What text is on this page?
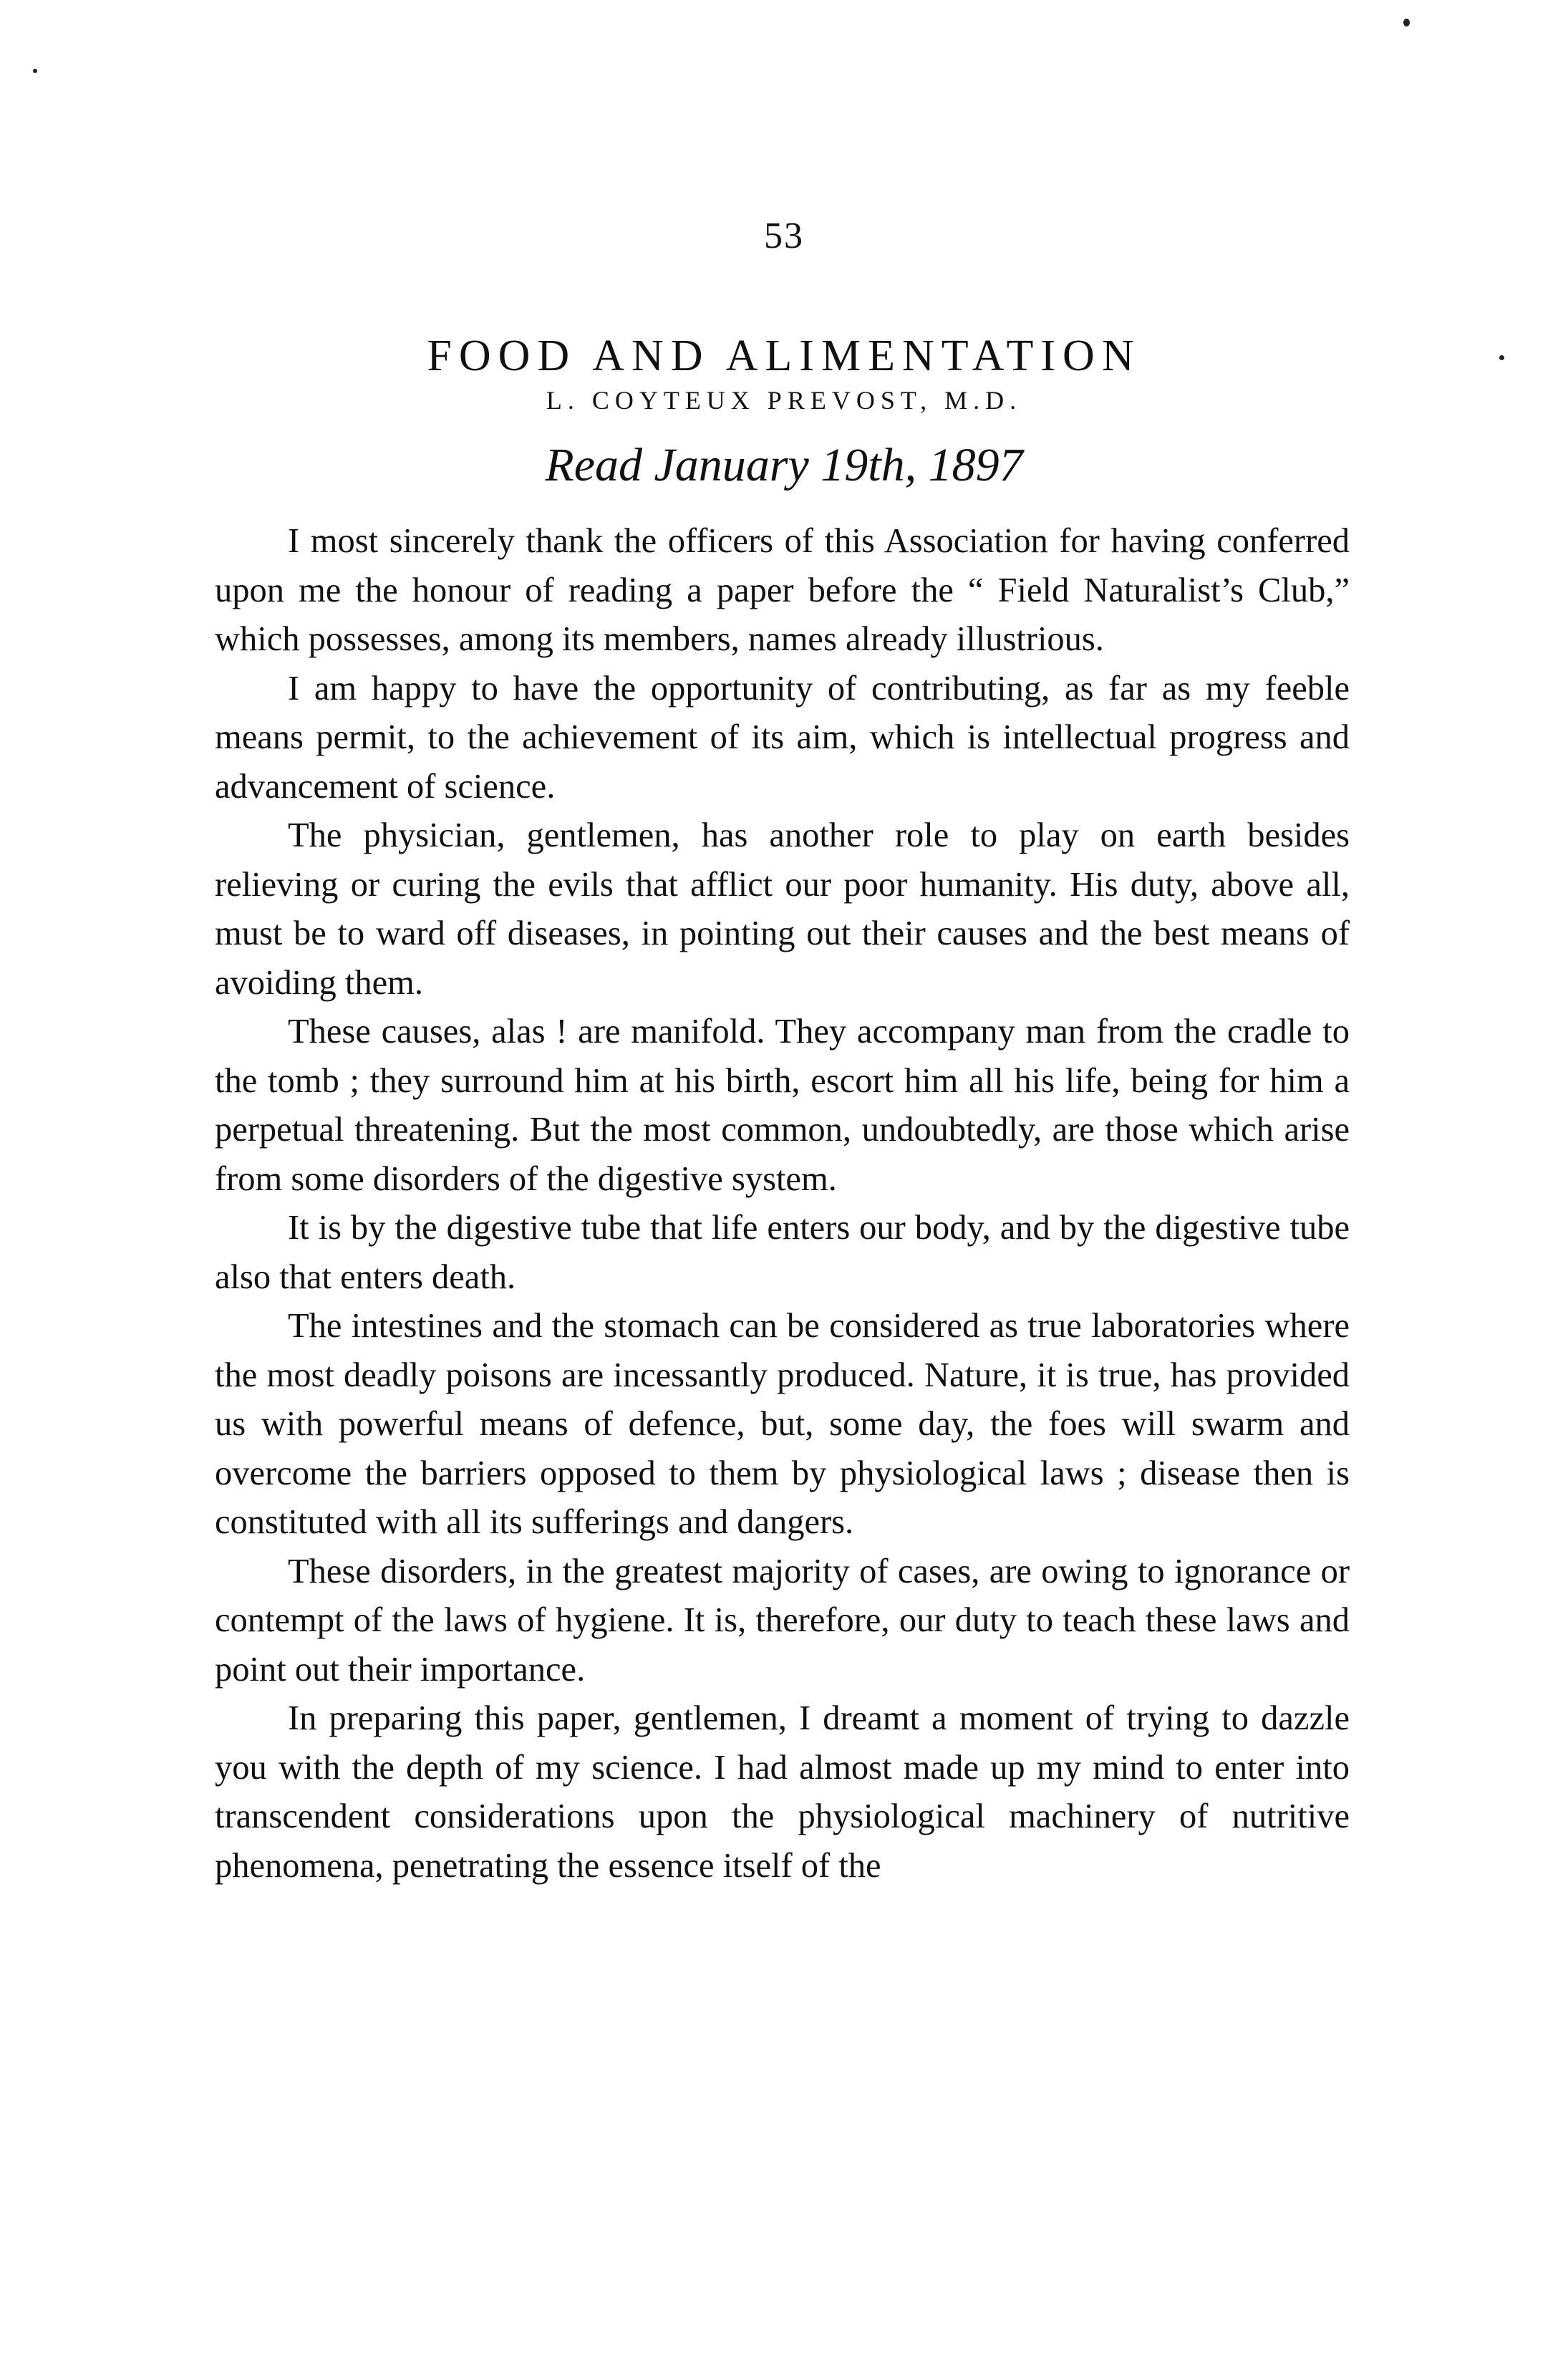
53
FOOD AND ALIMENTATION
L. COYTEUX PREVOST, M.D.
Read January 19th, 1897

I most sincerely thank the officers of this Association for having conferred upon me the honour of reading a paper before the “ Field Naturalist’s Club,” which possesses, among its members, names already illustrious.

I am happy to have the opportunity of contributing, as far as my feeble means permit, to the achievement of its aim, which is intellectual progress and advancement of science.

The physician, gentlemen, has another role to play on earth besides relieving or curing the evils that afflict our poor humanity. His duty, above all, must be to ward off diseases, in pointing out their causes and the best means of avoiding them.

These causes, alas ! are manifold. They accompany man from the cradle to the tomb ; they surround him at his birth, escort him all his life, being for him a perpetual threatening. But the most common, undoubtedly, are those which arise from some disorders of the digestive system.

It is by the digestive tube that life enters our body, and by the digestive tube also that enters death.

The intestines and the stomach can be considered as true laboratories where the most deadly poisons are incessantly produced. Nature, it is true, has provided us with powerful means of defence, but, some day, the foes will swarm and overcome the barriers opposed to them by physiological laws ; disease then is constituted with all its sufferings and dangers.

These disorders, in the greatest majority of cases, are owing to ignorance or contempt of the laws of hygiene. It is, therefore, our duty to teach these laws and point out their importance.

In preparing this paper, gentlemen, I dreamt a moment of trying to dazzle you with the depth of my science. I had almost made up my mind to enter into transcendent considerations upon the physiological machinery of nutritive phenomena, penetrating the essence itself of the
